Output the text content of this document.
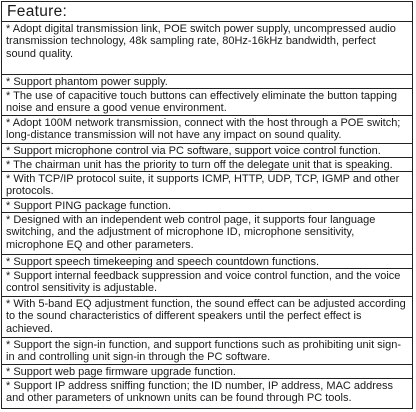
Feature:
* Adopt digital transmission link, POE switch power supply, uncompressed audio transmission technology, 48k sampling rate, 80Hz-16kHz bandwidth, perfect sound quality.
* Support phantom power supply.
* The use of capacitive touch buttons can effectively eliminate the button tapping noise and ensure a good venue environment.
* Adopt 100M network transmission, connect with the host through a POE switch; long-distance transmission will not have any impact on sound quality.
* Support microphone control via PC software, support voice control function.
* The chairman unit has the priority to turn off the delegate unit that is speaking.
* With TCP/IP protocol suite, it supports ICMP, HTTP, UDP, TCP, IGMP and other protocols.
* Support PING package function.
* Designed with an independent web control page, it supports four language switching, and the adjustment of microphone ID, microphone sensitivity, microphone EQ and other parameters.
* Support speech timekeeping and speech countdown functions.
* Support internal feedback suppression and voice control function, and the voice control sensitivity is adjustable.
* With 5-band EQ adjustment function, the sound effect can be adjusted according to the sound characteristics of different speakers until the perfect effect is achieved.
* Support the sign-in function, and support functions such as prohibiting unit sign-in and controlling unit sign-in through the PC software.
* Support web page firmware upgrade function.
* Support IP address sniffing function; the ID number, IP address, MAC address and other parameters of unknown units can be found through PC tools.
